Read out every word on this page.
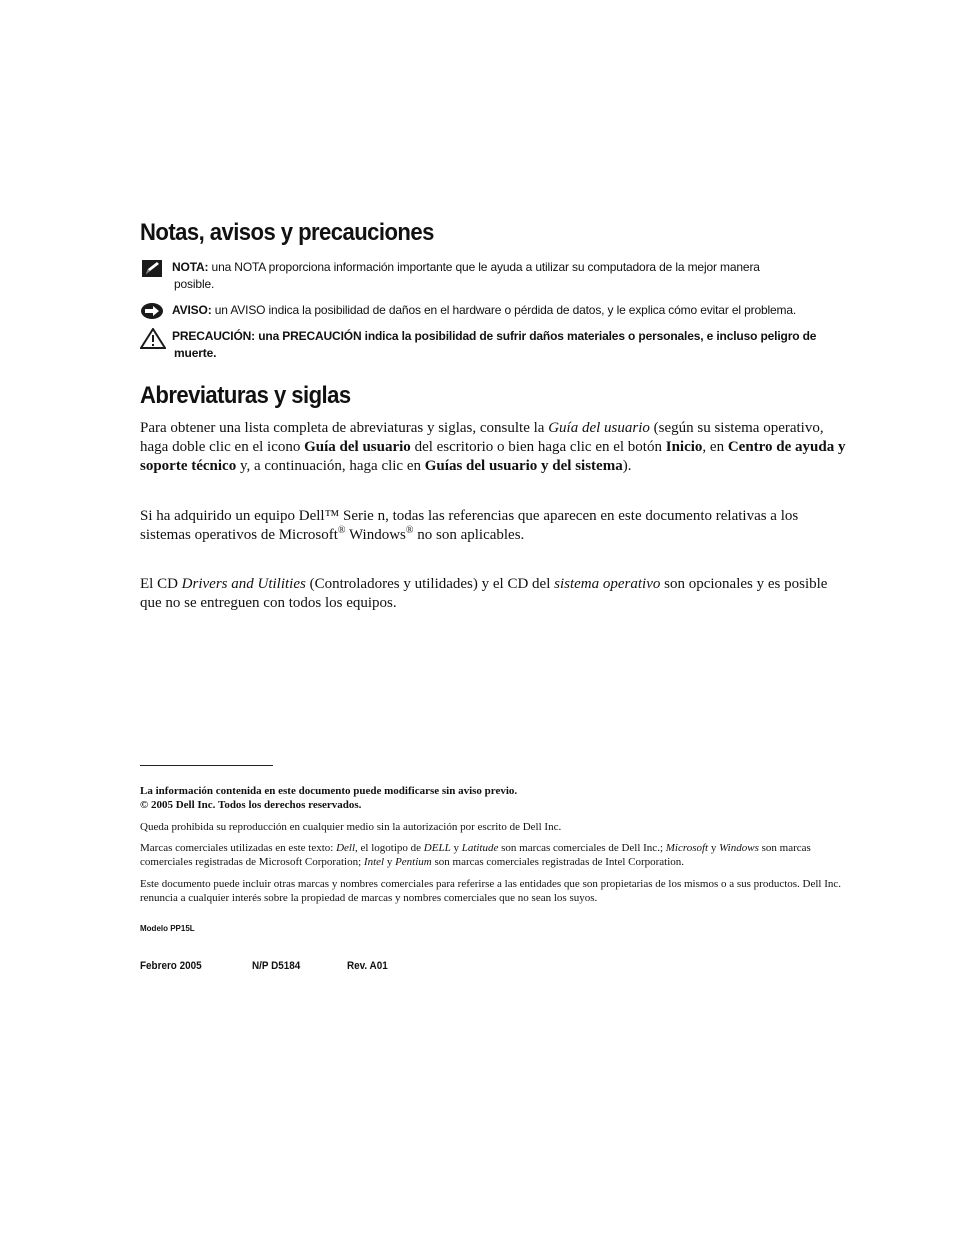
Notas, avisos y precauciones
NOTA: una NOTA proporciona información importante que le ayuda a utilizar su computadora de la mejor manera
posible.
AVISO: un AVISO indica la posibilidad de daños en el hardware o pérdida de datos, y le explica cómo evitar el problema.
PRECAUCIÓN: una PRECAUCIÓN indica la posibilidad de sufrir daños materiales o personales, e incluso peligro de
muerte.
Abreviaturas y siglas

Para obtener una lista completa de abreviaturas y siglas, consulte la Guía del usuario (según su sistema operativo, haga doble clic en el icono Guía del usuario del escritorio o bien haga clic en el botón Inicio, en Centro de ayuda y soporte técnico y, a continuación, haga clic en Guías del usuario y del sistema).

Si ha adquirido un equipo Dell™ Serie n, todas las referencias que aparecen en este documento relativas a los sistemas operativos de Microsoft® Windows® no son aplicables.

El CD Drivers and Utilities (Controladores y utilidades) y el CD del sistema operativo son opcionales y es posible que no se entreguen con todos los equipos.

La información contenida en este documento puede modificarse sin aviso previo.
© 2005 Dell Inc. Todos los derechos reservados.

Queda prohibida su reproducción en cualquier medio sin la autorización por escrito de Dell Inc.

Marcas comerciales utilizadas en este texto: Dell, el logotipo de DELL y Latitude son marcas comerciales de Dell Inc.; Microsoft y Windows son marcas comerciales registradas de Microsoft Corporation; Intel y Pentium son marcas comerciales registradas de Intel Corporation.

Este documento puede incluir otras marcas y nombres comerciales para referirse a las entidades que son propietarias de los mismos o a sus productos. Dell Inc. renuncia a cualquier interés sobre la propiedad de marcas y nombres comerciales que no sean los suyos.

Modelo PP15L
Febrero 2005	N/P D5184	Rev. A01
